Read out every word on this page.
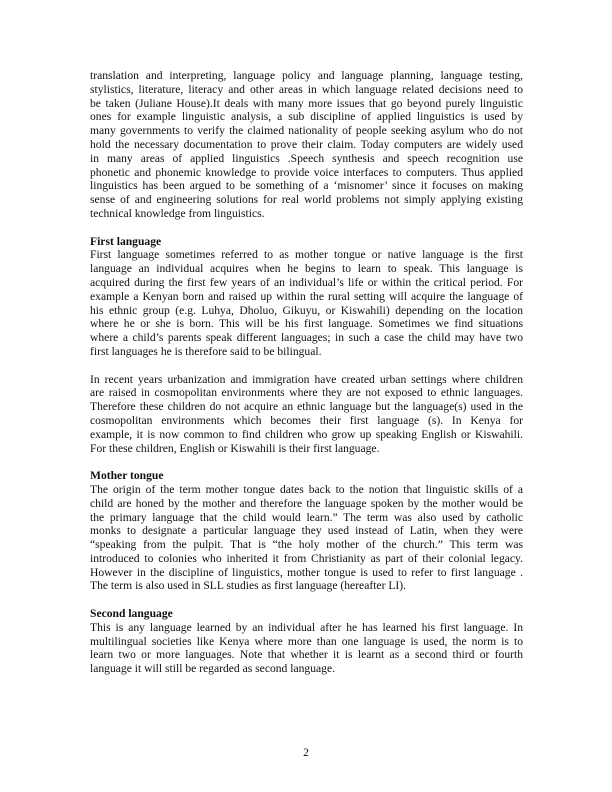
translation and interpreting, language policy and language planning, language testing,
stylistics, literature, literacy and other areas in which language related decisions need to
be taken (Juliane House).It deals with many more issues that go beyond purely linguistic
ones for example linguistic analysis, a sub discipline of applied linguistics is used by
many governments to verify the claimed nationality of people seeking asylum who do not
hold the necessary documentation to prove their claim. Today computers are widely used
in many areas of applied linguistics .Speech synthesis and speech recognition use
phonetic and phonemic knowledge to provide voice interfaces to computers. Thus applied
linguistics has been argued to be something of a ‘misnomer’ since it focuses on making
sense of and engineering solutions for real world problems not simply applying existing
technical knowledge from linguistics.

First language

First language sometimes referred to as mother tongue or native language is the first
language an individual acquires when he begins to learn to speak. This language is
acquired during the first few years of an individual’s life or within the critical period. For
example a Kenyan born and raised up within the rural setting will acquire the language of
his ethnic group (e.g. Luhya, Dholuo, Gikuyu, or Kiswahili) depending on the location
where he or she is born. This will be his first language. Sometimes we find situations
where a child’s parents speak different languages; in such a case the child may have two
first languages he is therefore said to be bilingual.
In recent years urbanization and immigration have created urban settings where children
are raised in cosmopolitan environments where they are not exposed to ethnic languages.
Therefore these children do not acquire an ethnic language but the language(s) used in the
cosmopolitan environments which becomes their first language (s). In Kenya for
example, it is now common to find children who grow up speaking English or Kiswahili.
For these children, English or Kiswahili is their first language.

Mother tongue

The origin of the term mother tongue dates back to the notion that linguistic skills of a
child are honed by the mother and therefore the language spoken by the mother would be
the primary language that the child would learn.” The term was also used by catholic
monks to designate a particular language they used instead of Latin, when they were
“speaking from the pulpit. That is “the holy mother of the church.” This term was
introduced to colonies who inherited it from Christianity as part of their colonial legacy.
However in the discipline of linguistics, mother tongue is used to refer to first language .
The term is also used in SLL studies as first language (hereafter LI).

Second language

This is any language learned by an individual after he has learned his first language. In
multilingual societies like Kenya where more than one language is used, the norm is to
learn two or more languages. Note that whether it is learnt as a second third or fourth
language it will still be regarded as second language.
2
